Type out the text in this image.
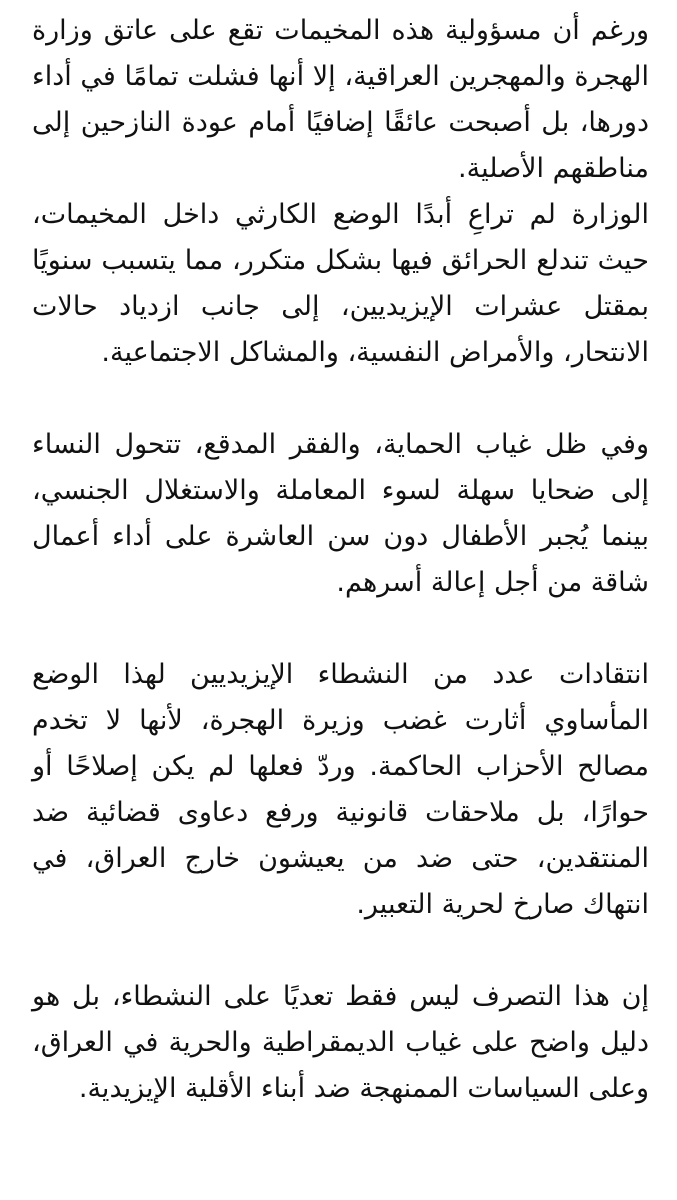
ورغم أن مسؤولية هذه المخيمات تقع على عاتق وزارة الهجرة والمهجرين العراقية، إلا أنها فشلت تمامًا في أداء دورها، بل أصبحت عائقًا إضافيًا أمام عودة النازحين إلى مناطقهم الأصلية.

الوزارة لم تراعِ أبدًا الوضع الكارثي داخل المخيمات، حيث تندلع الحرائق فيها بشكل متكرر، مما يتسبب سنويًا بمقتل عشرات الإيزيديين، إلى جانب ازدياد حالات الانتحار، والأمراض النفسية، والمشاكل الاجتماعية.

وفي ظل غياب الحماية، والفقر المدقع، تتحول النساء إلى ضحايا سهلة لسوء المعاملة والاستغلال الجنسي، بينما يُجبر الأطفال دون سن العاشرة على أداء أعمال شاقة من أجل إعالة أسرهم.

انتقادات عدد من النشطاء الإيزيديين لهذا الوضع المأساوي أثارت غضب وزيرة الهجرة، لأنها لا تخدم مصالح الأحزاب الحاكمة. وردّ فعلها لم يكن إصلاحًا أو حوارًا، بل ملاحقات قانونية ورفع دعاوى قضائية ضد المنتقدين، حتى ضد من يعيشون خارج العراق، في انتهاك صارخ لحرية التعبير.

إن هذا التصرف ليس فقط تعديًا على النشطاء، بل هو دليل واضح على غياب الديمقراطية والحرية في العراق، وعلى السياسات الممنهجة ضد أبناء الأقلية الإيزيدية.
